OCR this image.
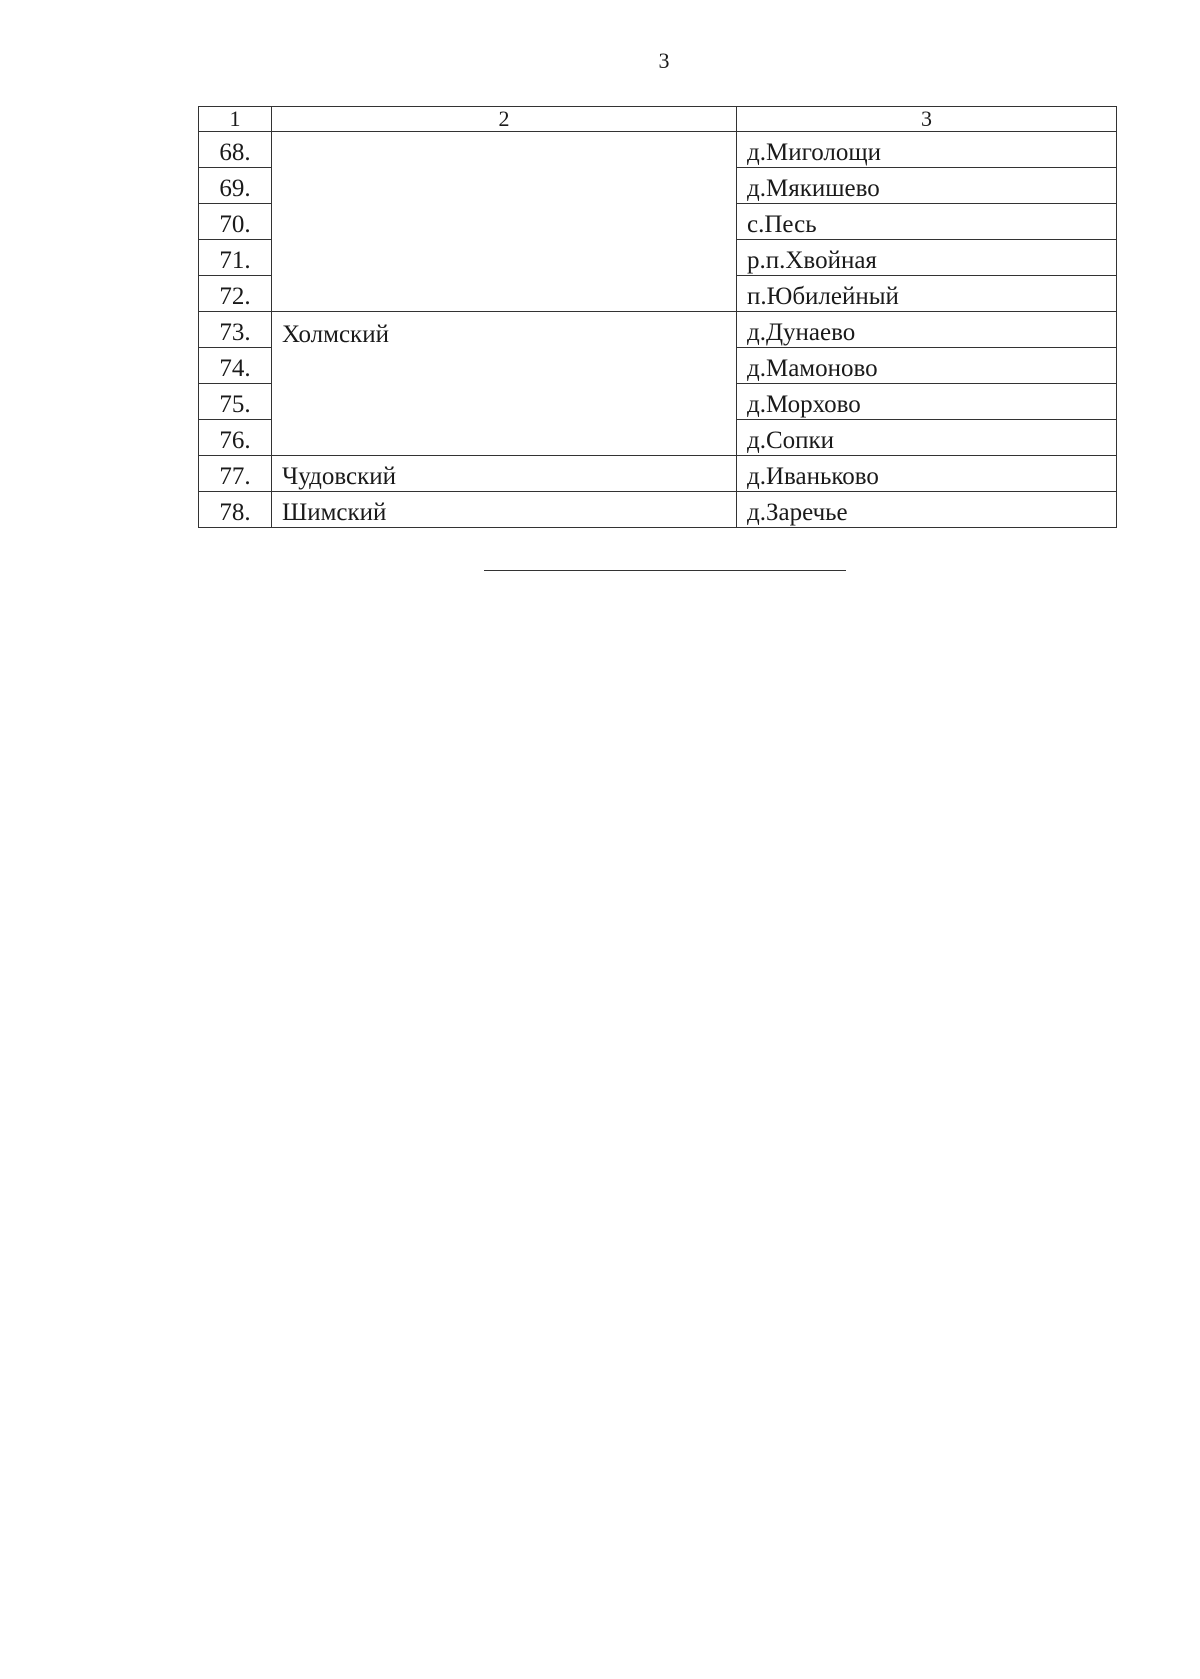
3
1	2	3
68.		д.Миголощи
69.		д.Мякишево
70.		с.Песь
71.		р.п.Хвойная
72.		п.Юбилейный
73.	Холмский	д.Дунаево
74.		д.Мамоново
75.		д.Морхово
76.		д.Сопки
77.	Чудовский	д.Иваньково
78.	Шимский	д.Заречье
